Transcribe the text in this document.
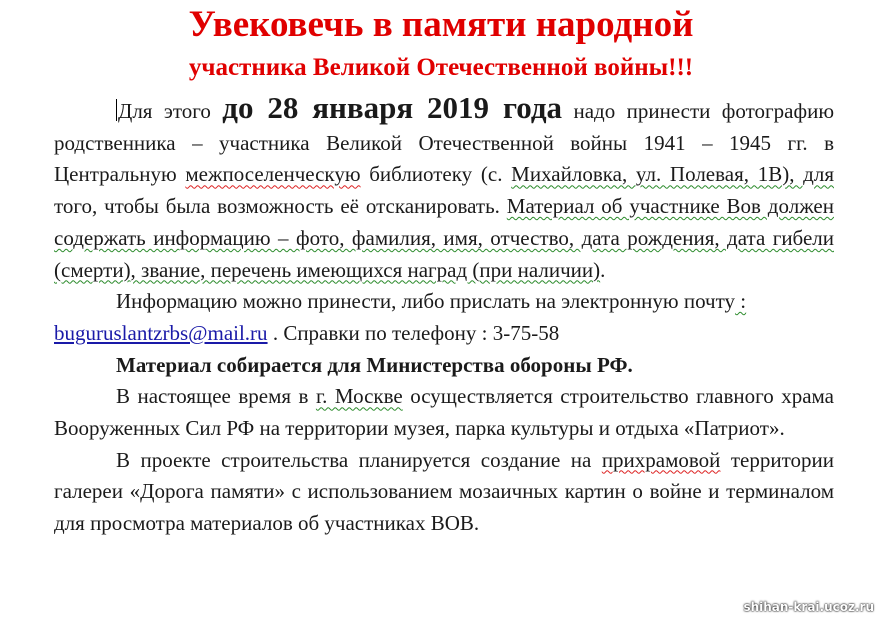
Увековечь в памяти народной
участника Великой Отечественной войны!!!

Для этого до 28 января 2019 года надо принести фотографию родственника – участника Великой Отечественной войны 1941 – 1945 гг. в Центральную межпоселенческую библиотеку (с. Михайловка, ул. Полевая, 1В), для того, чтобы была возможность её отсканировать. Материал об участнике Вов должен содержать информацию – фото, фамилия, имя, отчество, дата рождения, дата гибели (смерти), звание, перечень имеющихся наград (при наличии).

Информацию можно принести, либо прислать на электронную почту :
buguruslantzrbs@mail.ru . Справки по телефону : 3-75-58

Материал собирается для Министерства обороны РФ.

В настоящее время в г. Москве осуществляется строительство главного храма Вооруженных Сил РФ на территории музея, парка культуры и отдыха «Патриот».

В проекте строительства планируется создание на прихрамовой территории галереи «Дорога памяти» с использованием мозаичных картин о войне и терминалом для просмотра материалов об участниках ВОВ.

shihan-krai.ucoz.ru
